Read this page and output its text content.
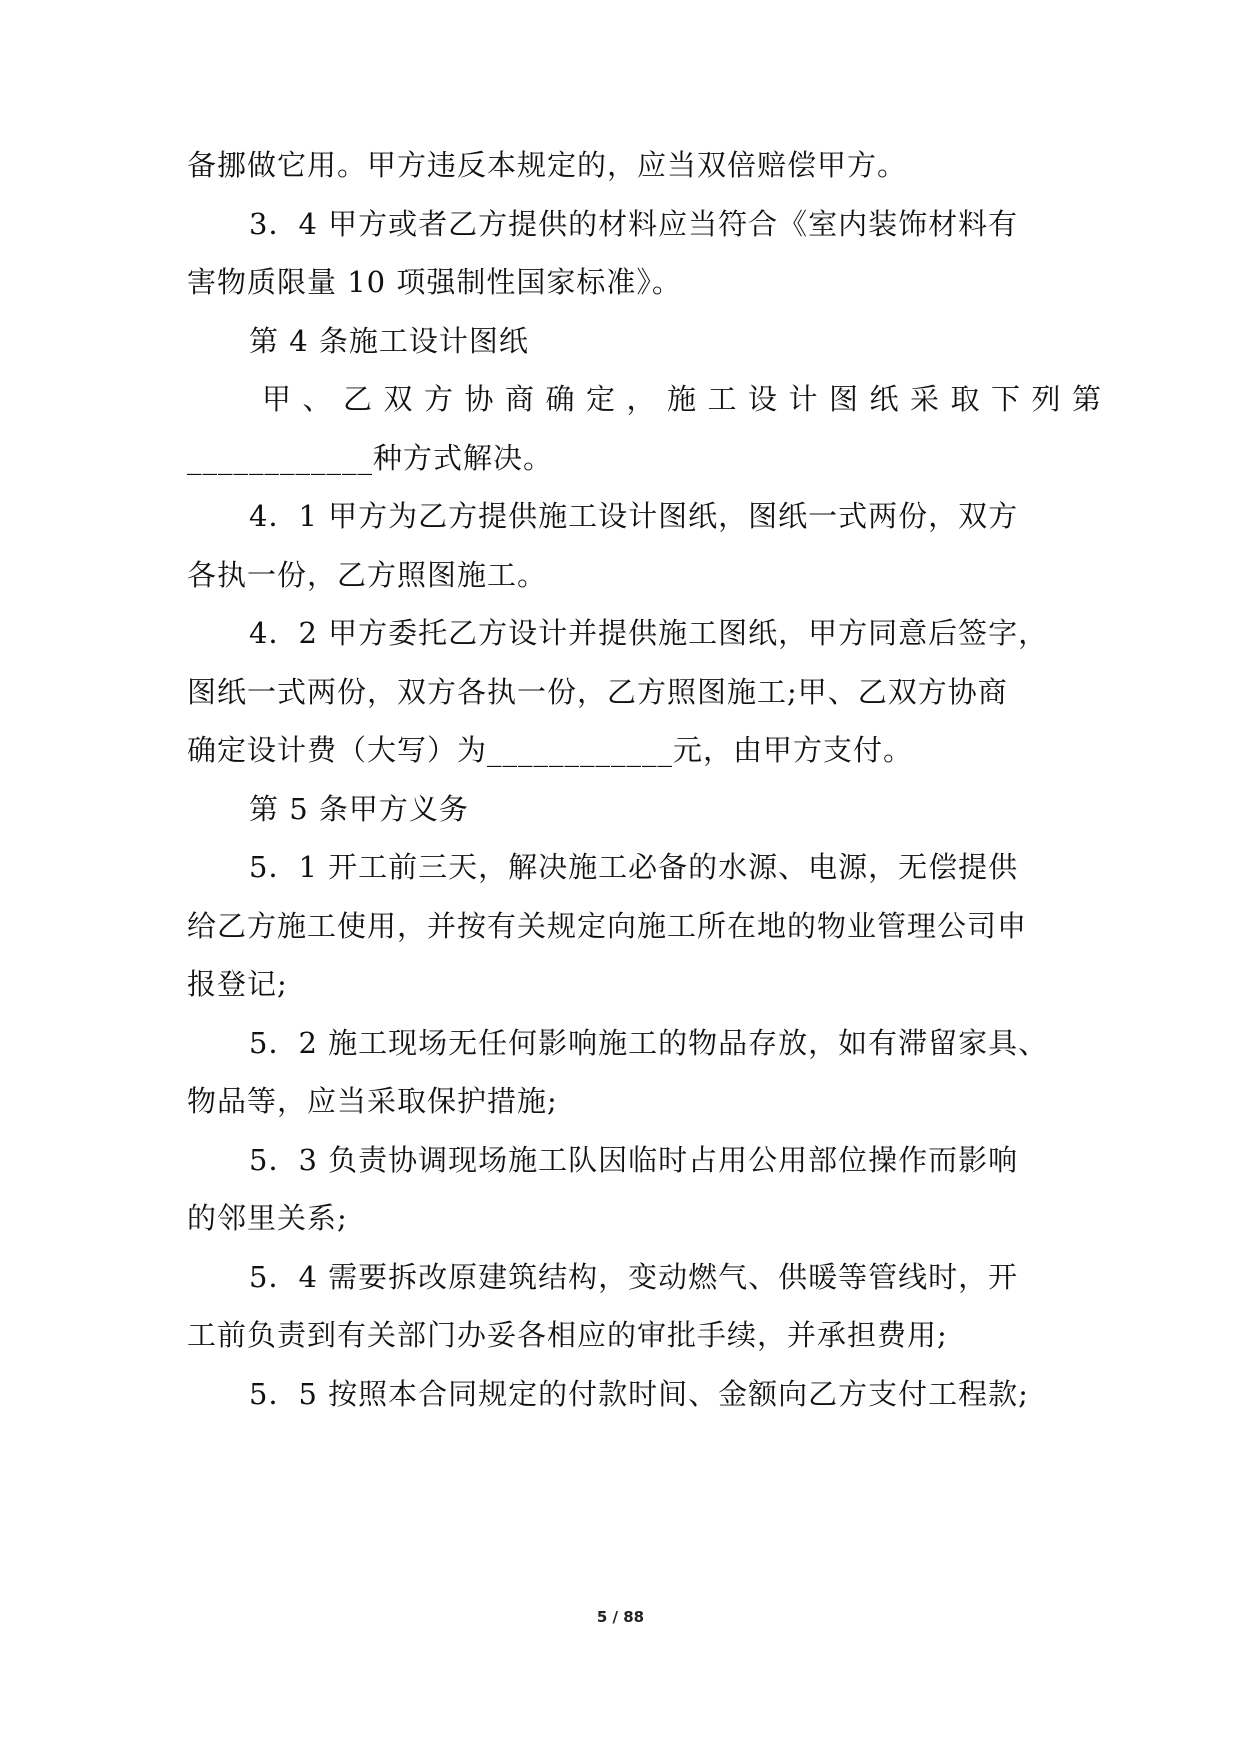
备挪做它用。甲方违反本规定的，应当双倍赔偿甲方。
3．4 甲方或者乙方提供的材料应当符合《室内装饰材料有
害物质限量 10 项强制性国家标准》。
第 4 条施工设计图纸
甲、乙双方协商确定，施工设计图纸采取下列第
____________种方式解决。
4．1 甲方为乙方提供施工设计图纸，图纸一式两份，双方
各执一份，乙方照图施工。
4．2 甲方委托乙方设计并提供施工图纸，甲方同意后签字，
图纸一式两份，双方各执一份，乙方照图施工;甲、乙双方协商
确定设计费（大写）为____________元，由甲方支付。
第 5 条甲方义务
5．1 开工前三天，解决施工必备的水源、电源，无偿提供
给乙方施工使用，并按有关规定向施工所在地的物业管理公司申
报登记;
5．2 施工现场无任何影响施工的物品存放，如有滞留家具、
物品等，应当采取保护措施;
5．3 负责协调现场施工队因临时占用公用部位操作而影响
的邻里关系;
5．4 需要拆改原建筑结构，变动燃气、供暖等管线时，开
工前负责到有关部门办妥各相应的审批手续，并承担费用;
5．5 按照本合同规定的付款时间、金额向乙方支付工程款;
5 / 88
